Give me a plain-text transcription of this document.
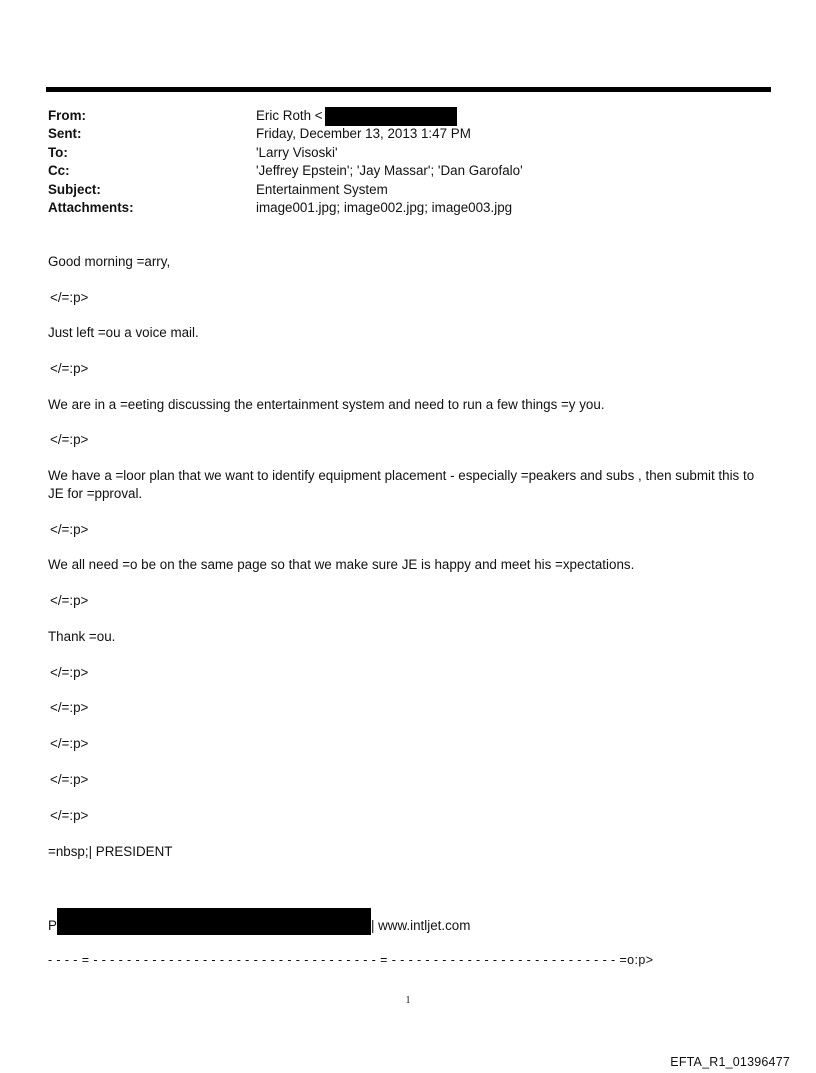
From:	Eric Roth <
Sent:	Friday, December 13, 2013 1:47 PM
To:	'Larry Visoski'
Cc:	'Jeffrey Epstein'; 'Jay Massar'; 'Dan Garofalo'
Subject:	Entertainment System
Attachments:	image001.jpg; image002.jpg; image003.jpg
Good morning =arry,
</=:p>
Just left =ou a voice mail.
</=:p>
We are in a =eeting discussing the entertainment system and need to run a few things =y you.
</=:p>
We have a =loor plan that we want to identify equipment placement - especially =peakers and subs , then submit this to JE for =pproval.
</=:p>
We all need =o be on the same page so that we make sure JE is happy and meet his =xpectations.
</=:p>
Thank =ou.
</=:p>
</=:p>
</=:p>
</=:p>
</=:p>
=nbsp;| PRESIDENT
P	| www.intljet.com
- - - - = - - - - - - - - - - - - - - - - - - - - - - - - - - - - - - - - - - = - - - - - - - - - - - - - - - - - - - - - - - - - - - =o:p>
1
EFTA_R1_01396477
